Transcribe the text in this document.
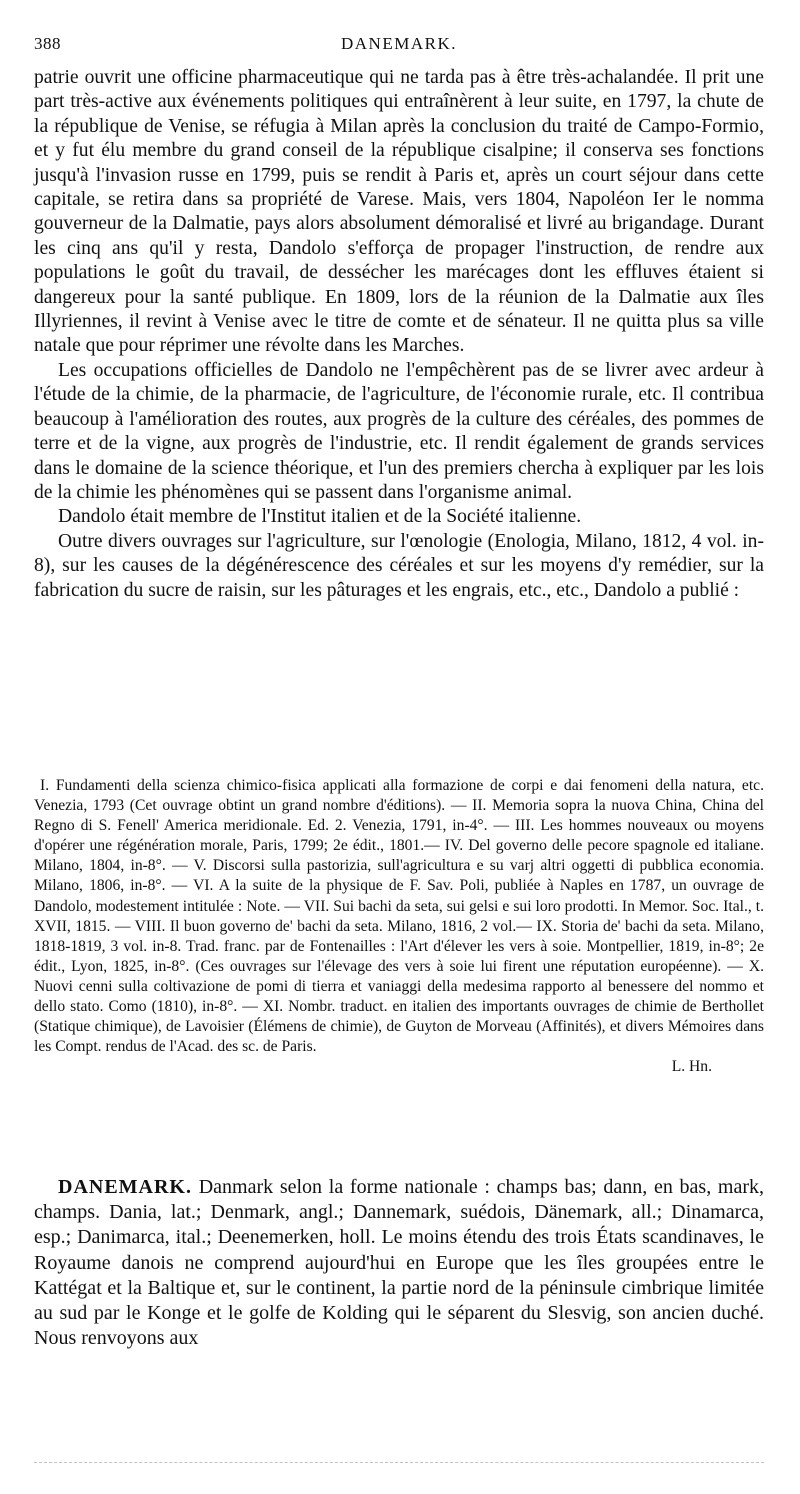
388	DANEMARK.

patrie ouvrit une officine pharmaceutique qui ne tarda pas à être très-achalandée. Il prit une part très-active aux événements politiques qui entraînèrent à leur suite, en 1797, la chute de la république de Venise, se réfugia à Milan après la conclusion du traité de Campo-Formio, et y fut élu membre du grand conseil de la république cisalpine; il conserva ses fonctions jusqu'à l'invasion russe en 1799, puis se rendit à Paris et, après un court séjour dans cette capitale, se retira dans sa propriété de Varese. Mais, vers 1804, Napoléon Ier le nomma gouverneur de la Dalmatie, pays alors absolument démoralisé et livré au brigandage. Durant les cinq ans qu'il y resta, Dandolo s'efforça de propager l'instruction, de rendre aux populations le goût du travail, de dessécher les marécages dont les effluves étaient si dangereux pour la santé publique. En 1809, lors de la réunion de la Dalmatie aux îles Illyriennes, il revint à Venise avec le titre de comte et de sénateur. Il ne quitta plus sa ville natale que pour réprimer une révolte dans les Marches.

Les occupations officielles de Dandolo ne l'empêchèrent pas de se livrer avec ardeur à l'étude de la chimie, de la pharmacie, de l'agriculture, de l'économie rurale, etc. Il contribua beaucoup à l'amélioration des routes, aux progrès de la culture des céréales, des pommes de terre et de la vigne, aux progrès de l'industrie, etc. Il rendit également de grands services dans le domaine de la science théorique, et l'un des premiers chercha à expliquer par les lois de la chimie les phénomènes qui se passent dans l'organisme animal.

Dandolo était membre de l'Institut italien et de la Société italienne.

Outre divers ouvrages sur l'agriculture, sur l'œnologie (Enologia, Milano, 1812, 4 vol. in-8), sur les causes de la dégénérescence des céréales et sur les moyens d'y remédier, sur la fabrication du sucre de raisin, sur les pâturages et les engrais, etc., etc., Dandolo a publié :

I. Fundamenti della scienza chimico-fisica applicati alla formazione de corpi e dai fenomeni della natura, etc. Venezia, 1793 (Cet ouvrage obtint un grand nombre d'éditions). — II. Memoria sopra la nuova China, China del Regno di S. Fenell' America meridionale. Ed. 2. Venezia, 1791, in-4°. — III. Les hommes nouveaux ou moyens d'opérer une régénération morale, Paris, 1799; 2e édit., 1801.— IV. Del governo delle pecore spagnole ed italiane. Milano, 1804, in-8°. — V. Discorsi sulla pastorizia, sull'agricultura e su varj altri oggetti di pubblica economia. Milano, 1806, in-8°. — VI. A la suite de la physique de F. Sav. Poli, publiée à Naples en 1787, un ouvrage de Dandolo, modestement intitulée : Note. — VII. Sui bachi da seta, sui gelsi e sui loro prodotti. In Memor. Soc. Ital., t. XVII, 1815. — VIII. Il buon governo de' bachi da seta. Milano, 1816, 2 vol.— IX. Storia de' bachi da seta. Milano, 1818-1819, 3 vol. in-8. Trad. franc. par de Fontenailles : l'Art d'élever les vers à soie. Montpellier, 1819, in-8°; 2e édit., Lyon, 1825, in-8°. (Ces ouvrages sur l'élevage des vers à soie lui firent une réputation européenne). — X. Nuovi cenni sulla coltivazione de pomi di tierra et vaniaggi della medesima rapporto al benessere del nommo et dello stato. Como (1810), in-8°. — XI. Nombr. traduct. en italien des importants ouvrages de chimie de Berthollet (Statique chimique), de Lavoisier (Élémens de chimie), de Guyton de Morveau (Affinités), et divers Mémoires dans les Compt. rendus de l'Acad. des sc. de Paris.

L. Hn.

DANEMARK. Danmark selon la forme nationale : champs bas; dann, en bas, mark, champs. Dania, lat.; Denmark, angl.; Dannemark, suédois, Dänemark, all.; Dinamarca, esp.; Danimarca, ital.; Deenemerken, holl. Le moins étendu des trois États scandinaves, le Royaume danois ne comprend aujourd'hui en Europe que les îles groupées entre le Kattégat et la Baltique et, sur le continent, la partie nord de la péninsule cimbrique limitée au sud par le Konge et le golfe de Kolding qui le séparent du Slesvig, son ancien duché. Nous renvoyons aux
